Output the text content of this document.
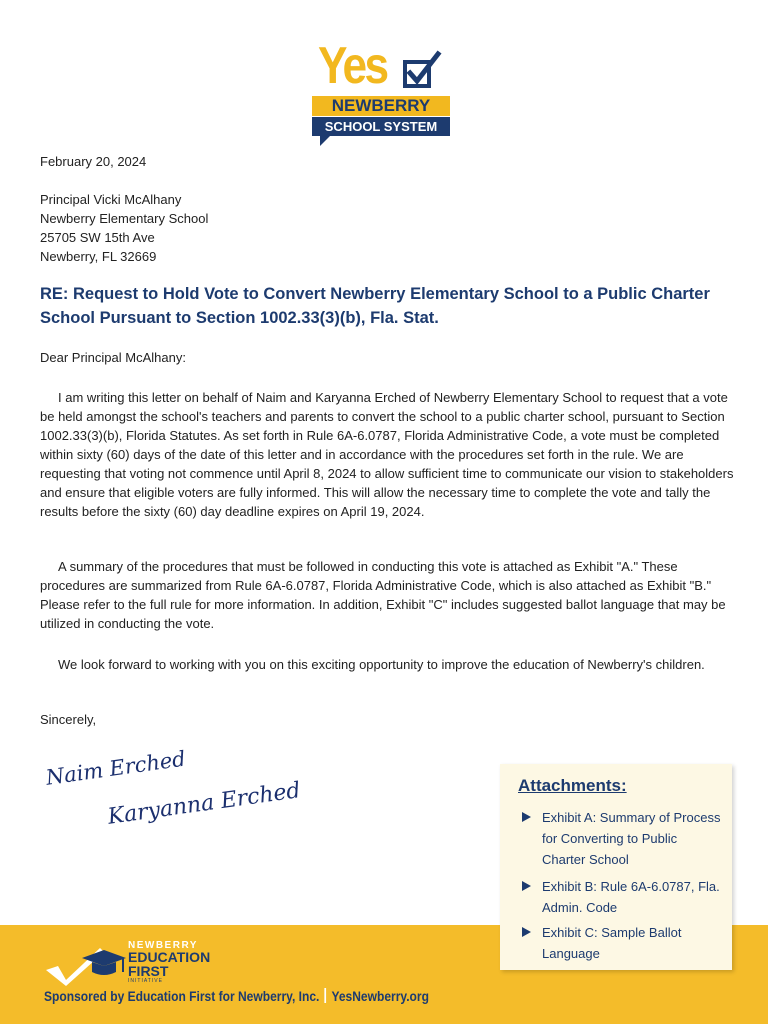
Yes
NEWBERRY
SCHOOL SYSTEM
February 20, 2024
Principal Vicki McAlhany
Newberry Elementary School
25705 SW 15th Ave
Newberry, FL 32669
RE: Request to Hold Vote to Convert Newberry Elementary School to a Public Charter School Pursuant to Section 1002.33(3)(b), Fla. Stat.
Dear Principal McAlhany:
I am writing this letter on behalf of Naim and Karyanna Erched of Newberry Elementary School to request that a vote be held amongst the school's teachers and parents to convert the school to a public charter school, pursuant to Section 1002.33(3)(b), Florida Statutes. As set forth in Rule 6A-6.0787, Florida Administrative Code, a vote must be completed within sixty (60) days of the date of this letter and in accordance with the procedures set forth in the rule. We are requesting that voting not commence until April 8, 2024 to allow sufficient time to communicate our vision to stakeholders and ensure that eligible voters are fully informed. This will allow the necessary time to complete the vote and tally the results before the sixty (60) day deadline expires on April 19, 2024.
A summary of the procedures that must be followed in conducting this vote is attached as Exhibit "A." These procedures are summarized from Rule 6A-6.0787, Florida Administrative Code, which is also attached as Exhibit "B." Please refer to the full rule for more information. In addition, Exhibit "C" includes suggested ballot language that may be utilized in conducting the vote.
We look forward to working with you on this exciting opportunity to improve the education of Newberry's children.
Sincerely,
Naim Erched
Karyanna Erched
NEWBERRY
EDUCATION
FIRST
INITIATIVE
Sponsored by Education First for Newberry, Inc. YesNewberry.org
Attachments:
Exhibit A: Summary of Process for Converting to Public Charter School
Exhibit B: Rule 6A-6.0787, Fla. Admin. Code
Exhibit C: Sample Ballot Language
